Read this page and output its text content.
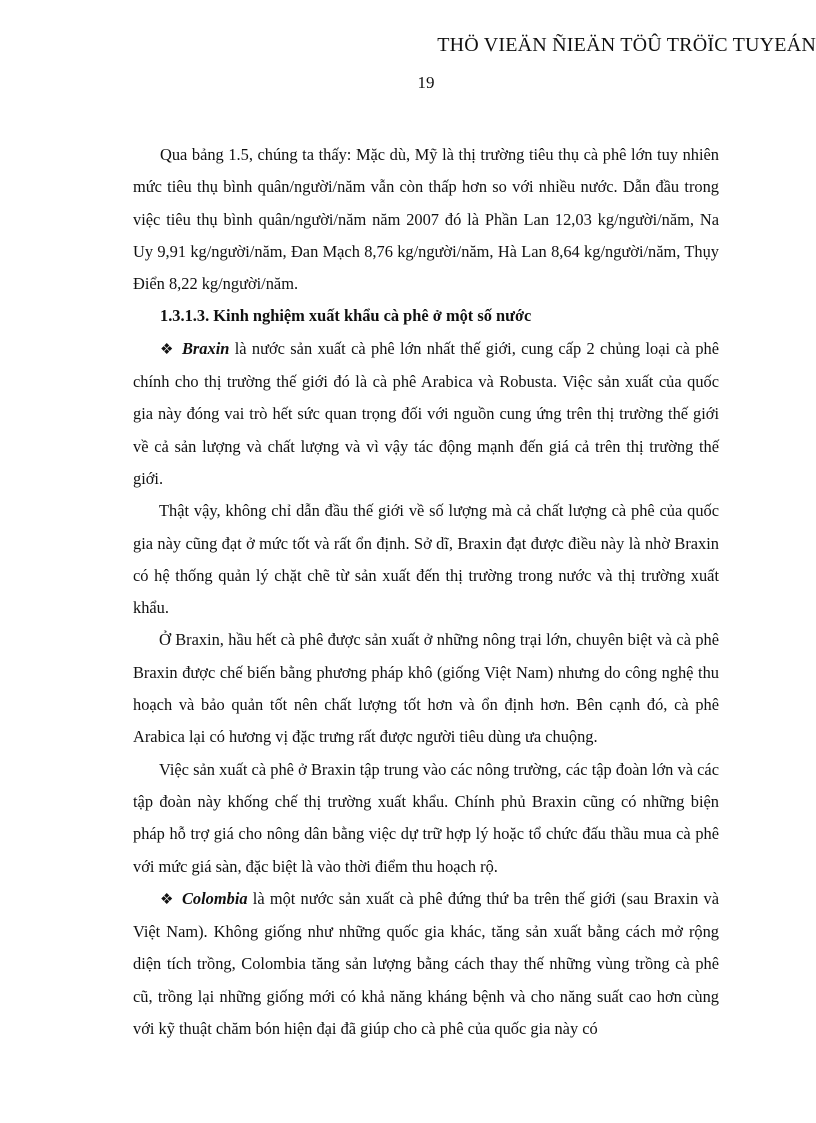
THÖ VIEÄN ÑIEÄN TÖÛ TRÖÏC TUYEÁN
19

Qua bảng 1.5, chúng ta thấy: Mặc dù, Mỹ là thị trường tiêu thụ cà phê lớn tuy nhiên mức tiêu thụ bình quân/người/năm vẫn còn thấp hơn so với nhiều nước. Dẫn đầu trong việc tiêu thụ bình quân/người/năm năm 2007 đó là Phần Lan 12,03 kg/người/năm, Na Uy 9,91 kg/người/năm, Đan Mạch 8,76 kg/người/năm, Hà Lan 8,64 kg/người/năm, Thụy Điển 8,22 kg/người/năm.

1.3.1.3. Kinh nghiệm xuất khẩu cà phê ở một số nước

❖ Braxin là nước sản xuất cà phê lớn nhất thế giới, cung cấp 2 chủng loại cà phê chính cho thị trường thế giới đó là cà phê Arabica và Robusta. Việc sản xuất của quốc gia này đóng vai trò hết sức quan trọng đối với nguồn cung ứng trên thị trường thế giới về cả sản lượng và chất lượng và vì vậy tác động mạnh đến giá cả trên thị trường thế giới.

Thật vậy, không chỉ dẫn đầu thế giới về số lượng mà cả chất lượng cà phê của quốc gia này cũng đạt ở mức tốt và rất ổn định. Sở dĩ, Braxin đạt được điều này là nhờ Braxin có hệ thống quản lý chặt chẽ từ sản xuất đến thị trường trong nước và thị trường xuất khẩu.

Ở Braxin, hầu hết cà phê được sản xuất ở những nông trại lớn, chuyên biệt và cà phê Braxin được chế biến bằng phương pháp khô (giống Việt Nam) nhưng do công nghệ thu hoạch và bảo quản tốt nên chất lượng tốt hơn và ổn định hơn. Bên cạnh đó, cà phê Arabica lại có hương vị đặc trưng rất được người tiêu dùng ưa chuộng.

Việc sản xuất cà phê ở Braxin tập trung vào các nông trường, các tập đoàn lớn và các tập đoàn này khống chế thị trường xuất khẩu. Chính phủ Braxin cũng có những biện pháp hỗ trợ giá cho nông dân bằng việc dự trữ hợp lý hoặc tổ chức đấu thầu mua cà phê với mức giá sàn, đặc biệt là vào thời điểm thu hoạch rộ.

❖ Colombia là một nước sản xuất cà phê đứng thứ ba trên thế giới (sau Braxin và Việt Nam). Không giống như những quốc gia khác, tăng sản xuất bằng cách mở rộng diện tích trồng, Colombia tăng sản lượng bằng cách thay thế những vùng trồng cà phê cũ, trồng lại những giống mới có khả năng kháng bệnh và cho năng suất cao hơn cùng với kỹ thuật chăm bón hiện đại đã giúp cho cà phê của quốc gia này có
